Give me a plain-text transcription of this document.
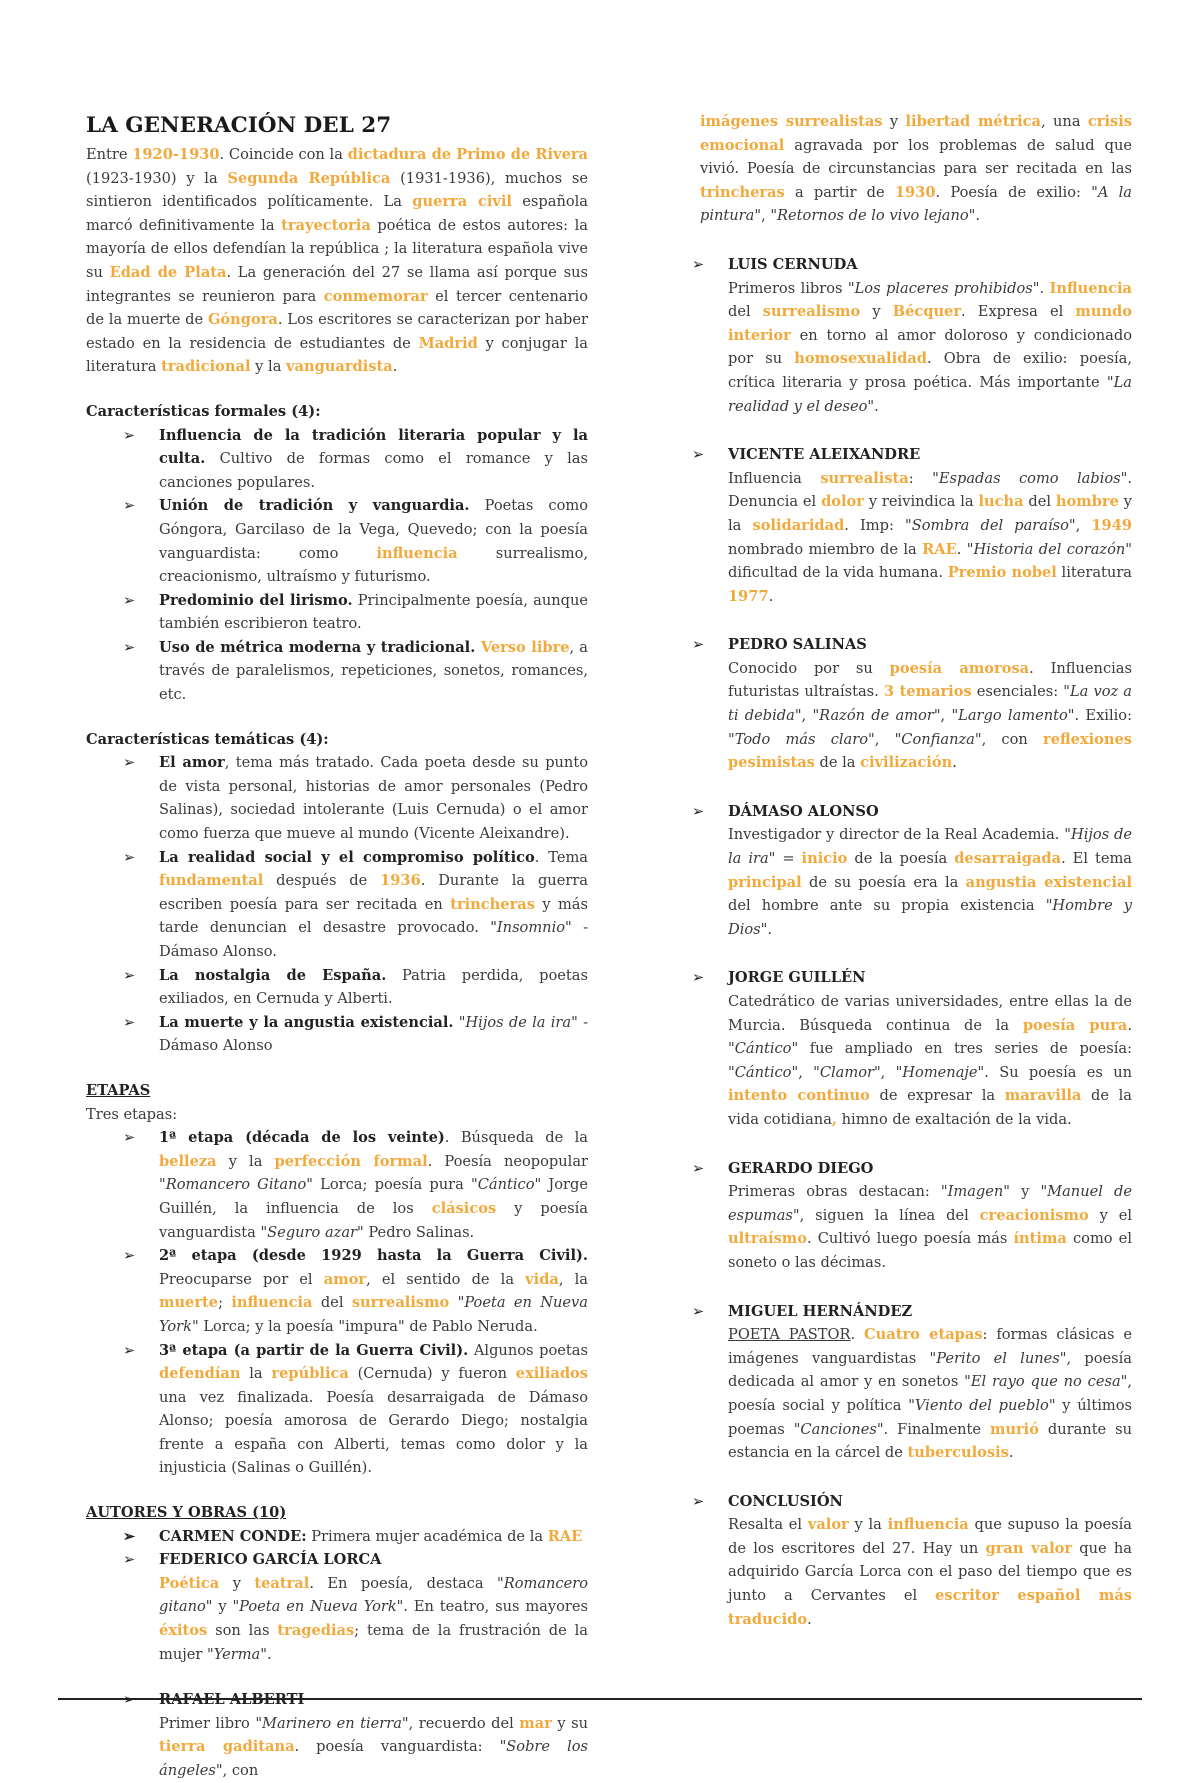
LA GENERACIÓN DEL 27

Entre 1920-1930. Coincide con la dictadura de Primo de Rivera (1923-1930) y la Segunda República (1931-1936), muchos se sintieron identificados políticamente. La guerra civil española marcó definitivamente la trayectoria poética de estos autores: la mayoría de ellos defendían la república ; la literatura española vive su Edad de Plata. La generación del 27 se llama así porque sus integrantes se reunieron para conmemorar el tercer centenario de la muerte de Góngora. Los escritores se caracterizan por haber estado en la residencia de estudiantes de Madrid y conjugar la literatura tradicional y la vanguardista.

Características formales (4):
➢ Influencia de la tradición literaria popular y la culta. Cultivo de formas como el romance y las canciones populares.
➢ Unión de tradición y vanguardia. Poetas como Góngora, Garcilaso de la Vega, Quevedo; con la poesía vanguardista: como influencia surrealismo, creacionismo, ultraísmo y futurismo.
➢ Predominio del lirismo. Principalmente poesía, aunque también escribieron teatro.
➢ Uso de métrica moderna y tradicional. Verso libre, a través de paralelismos, repeticiones, sonetos, romances, etc.
Características temáticas (4):
➢ El amor, tema más tratado. Cada poeta desde su punto de vista personal, historias de amor personales (Pedro Salinas), sociedad intolerante (Luis Cernuda) o el amor como fuerza que mueve al mundo (Vicente Aleixandre).
➢ La realidad social y el compromiso político. Tema fundamental después de 1936. Durante la guerra escriben poesía para ser recitada en trincheras y más tarde denuncian el desastre provocado. "Insomnio" - Dámaso Alonso.
➢ La nostalgia de España. Patria perdida, poetas exiliados, en Cernuda y Alberti.
➢ La muerte y la angustia existencial. "Hijos de la ira" - Dámaso Alonso
ETAPAS
Tres etapas:
➢ 1ª etapa (década de los veinte). Búsqueda de la belleza y la perfección formal. Poesía neopopular "Romancero Gitano" Lorca; poesía pura "Cántico" Jorge Guillén, la influencia de los clásicos y poesía vanguardista "Seguro azar" Pedro Salinas.
➢ 2ª etapa (desde 1929 hasta la Guerra Civil). Preocuparse por el amor, el sentido de la vida, la muerte; influencia del surrealismo "Poeta en Nueva York" Lorca; y la poesía "impura" de Pablo Neruda.
➢ 3ª etapa (a partir de la Guerra Civil). Algunos poetas defendían la república (Cernuda) y fueron exiliados una vez finalizada. Poesía desarraigada de Dámaso Alonso; poesía amorosa de Gerardo Diego; nostalgia frente a españa con Alberti, temas como dolor y la injusticia (Salinas o Guillén).
AUTORES Y OBRAS (10)
➢ CARMEN CONDE: Primera mujer académica de la RAE
➢ FEDERICO GARCÍA LORCA
Poética y teatral. En poesía, destaca "Romancero gitano" y "Poeta en Nueva York". En teatro, sus mayores éxitos son las tragedias; tema de la frustración de la mujer "Yerma".
Primer libro "Marinero en tierra", recuerdo del mar y su tierra gaditana. poesía vanguardista: "Sobre los ángeles", con

imágenes surrealistas y libertad métrica, una crisis emocional agravada por los problemas de salud que vivió. Poesía de circunstancias para ser recitada en las trincheras a partir de 1930. Poesía de exilio: "A la pintura", "Retornos de lo vivo lejano".

➢ LUIS CERNUDA
Primeros libros "Los placeres prohibidos". Influencia del surrealismo y Bécquer. Expresa el mundo interior en torno al amor doloroso y condicionado por su homosexualidad. Obra de exilio: poesía, crítica literaria y prosa poética. Más importante "La realidad y el deseo".
➢ VICENTE ALEIXANDRE
Influencia surrealista: "Espadas como labios". Denuncia el dolor y reivindica la lucha del hombre y la solidaridad. Imp: "Sombra del paraíso", 1949 nombrado miembro de la RAE. "Historia del corazón" dificultad de la vida humana. Premio nobel literatura 1977.
➢ PEDRO SALINAS
Conocido por su poesía amorosa. Influencias futuristas ultraístas. 3 temarios esenciales: "La voz a ti debida", "Razón de amor", "Largo lamento". Exilio: "Todo más claro", "Confianza", con reflexiones pesimistas de la civilización.
➢ DÁMASO ALONSO
Investigador y director de la Real Academia. "Hijos de la ira" = inicio de la poesía desarraigada. El tema principal de su poesía era la angustia existencial del hombre ante su propia existencia "Hombre y Dios".
➢ JORGE GUILLÉN
Catedrático de varias universidades, entre ellas la de Murcia. Búsqueda continua de la poesía pura. "Cántico" fue ampliado en tres series de poesía: "Cántico", "Clamor", "Homenaje". Su poesía es un intento continuo de expresar la maravilla de la vida cotidiana, himno de exaltación de la vida.
➢ GERARDO DIEGO
Primeras obras destacan: "Imagen" y "Manuel de espumas", siguen la línea del creacionismo y el ultraísmo. Cultivó luego poesía más íntima como el soneto o las décimas.
➢ MIGUEL HERNÁNDEZ
POETA PASTOR. Cuatro etapas: formas clásicas e imágenes vanguardistas "Perito el lunes", poesía dedicada al amor y en sonetos "El rayo que no cesa", poesía social y política "Viento del pueblo" y últimos poemas "Canciones". Finalmente murió durante su estancia en la cárcel de tuberculosis.
➢ CONCLUSIÓN
Resalta el valor y la influencia que supuso la poesía de los escritores del 27. Hay un gran valor que ha adquirido García Lorca con el paso del tiempo que es junto a Cervantes el escritor español más traducido.
